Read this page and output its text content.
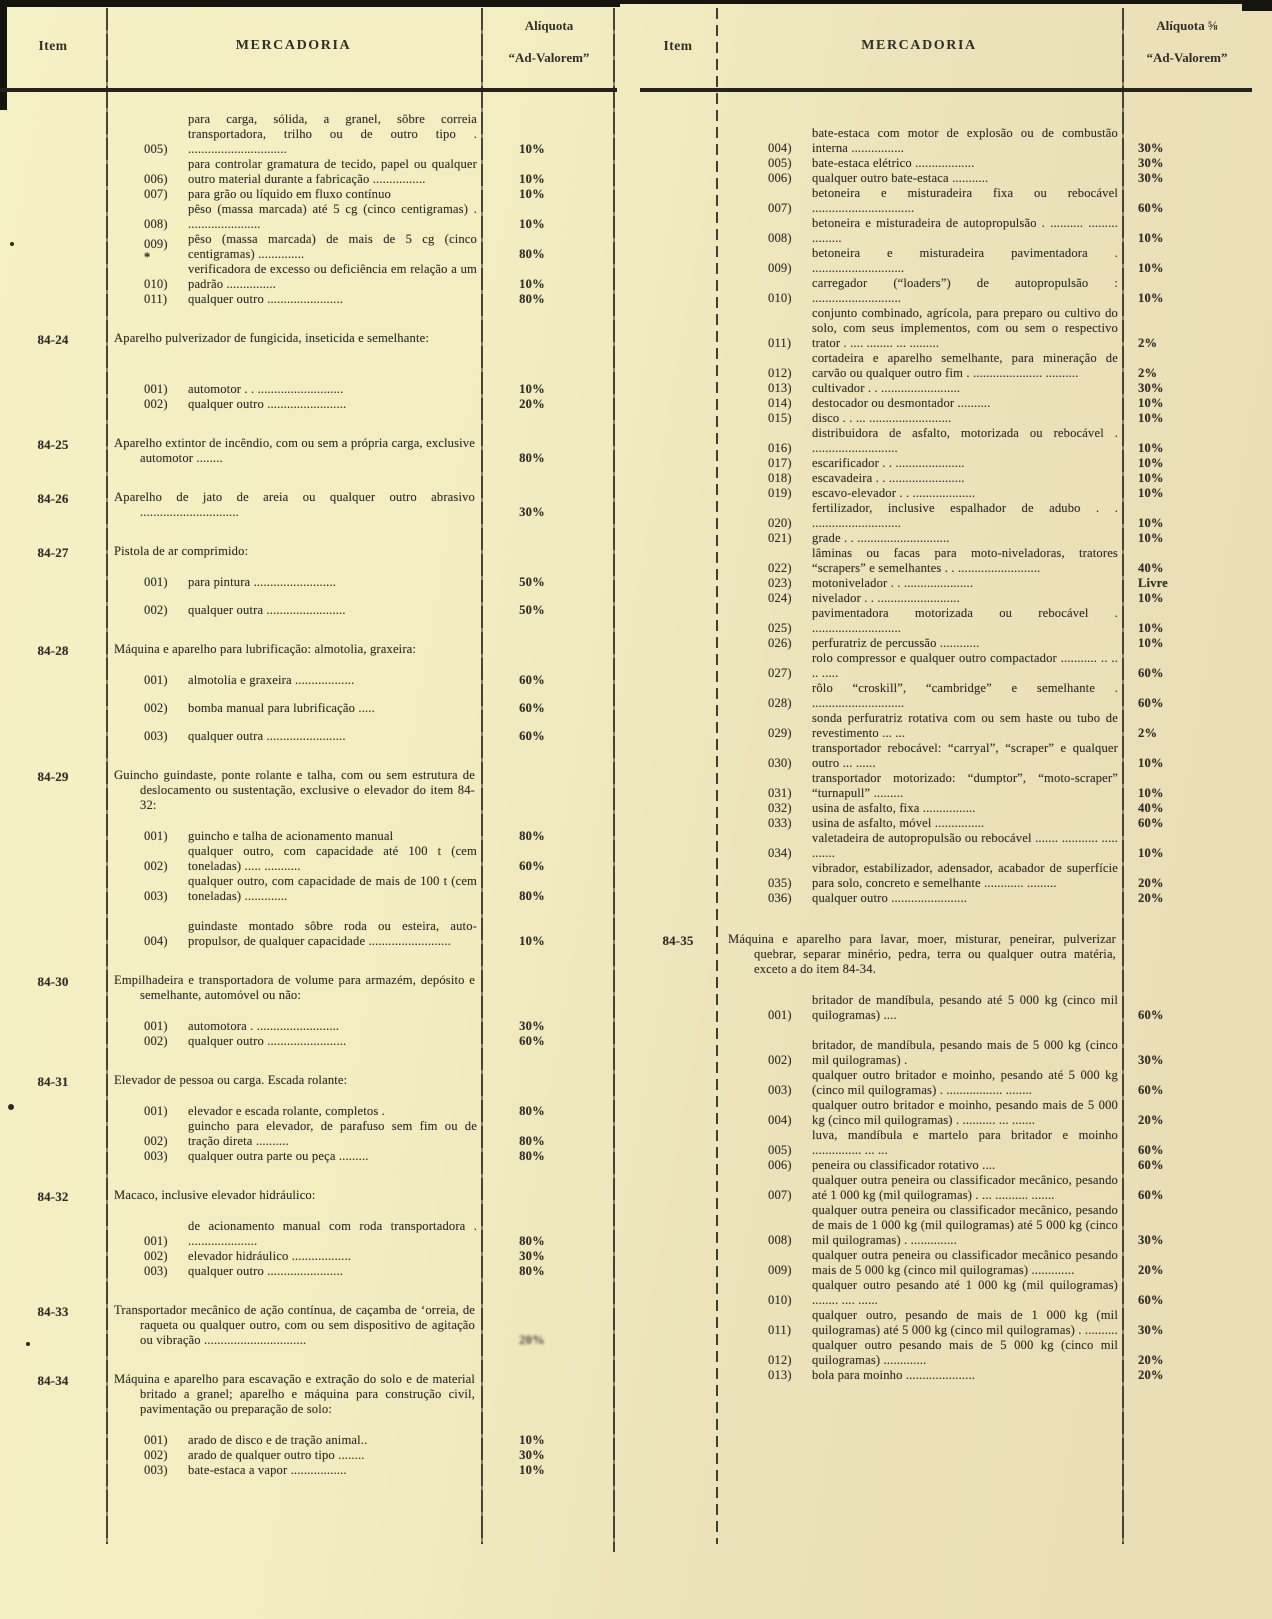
Item	MERCADORIA
Alíquota
“Ad-Valorem”
005)
para carga, sólida, a granel, sôbre correia transportadora, trilho ou de outro tipo . ..............................	10%
006)
para controlar gramatura de tecido, papel ou qualquer outro material durante a fabricação ................	10%
007)	para grão ou líquido em fluxo contínuo	10%
008)
pêso (massa marcada) até 5 cg (cinco centigramas) . ......................	10%
009)
*
pêso (massa marcada) de mais de 5 cg (cinco centigramas) ..............	80%
010)
verificadora de excesso ou deficiência em relação a um padrão ...............	10%
011)	qualquer outro .......................	80%
84-24	Aparelho pulverizador de fungicida, inseticida e semelhante:
001)	automotor . . ..........................	10%
002)	qualquer outro ........................	20%
84-25	Aparelho extintor de incêndio, com ou sem a própria carga, exclusive automotor ........	80%
84-26	Aparelho de jato de areia ou qualquer outro abrasivo ..............................	30%
84-27	Pistola de ar comprimido:
001)	para pintura .........................	50%
002)	qualquer outra ........................	50%
84-28	Máquina e aparelho para lubrificação: almotolia, graxeira:
001)	almotolia e graxeira ..................	60%
002)	bomba manual para lubrificação .....	60%
003)	qualquer outra ........................	60%
84-29	Guincho guindaste, ponte rolante e talha, com ou sem estrutura de deslocamento ou sustentação, exclusive o elevador do item 84-32:
001)	guincho e talha de acionamento manual	80%
002)
qualquer outro, com capacidade até 100 t (cem toneladas) ..... ...........	60%
003)
qualquer outro, com capacidade de mais de 100 t (cem toneladas) .............	80%
004)
guindaste montado sôbre roda ou esteira, auto-propulsor, de qualquer capacidade .........................	10%
84-30	Empilhadeira e transportadora de volume para armazém, depósito e semelhante, automóvel ou não:
001)	automotora . .........................	30%
002)	qualquer outro ........................	60%
84-31	Elevador de pessoa ou carga. Escada rolante:
001)	elevador e escada rolante, completos .	80%
002)
guincho para elevador, de parafuso sem fim ou de tração direta ..........	80%
003)	qualquer outra parte ou peça .........	80%
84-32	Macaco, inclusive elevador hidráulico:
001)
de acionamento manual com roda transportadora . .....................	80%
002)	elevador hidráulico ..................	30%
003)	qualquer outro .......................	80%
84-33	Transportador mecânico de ação contínua, de caçamba de ‘orreia, de raqueta ou qualquer outro, com ou sem dispositivo de agitação ou vibração ...............................	20%
84-34	Máquina e aparelho para escavação e extração do solo e de material britado a granel; aparelho e máquina para construção civil, pavimentação ou preparação de solo:
001)	arado de disco e de tração animal..	10%
002)	arado de qualquer outro tipo ........	30%
003)	bate-estaca a vapor .................	10%
Item	MERCADORIA
Alíquota ⅝
“Ad-Valorem”
004)
bate-estaca com motor de explosão ou de combustão interna ................	30%
005)	bate-estaca elétrico ..................	30%
006)	qualquer outro bate-estaca ...........	30%
007)
betoneira e misturadeira fixa ou rebocável ...............................	60%
008)
betoneira e misturadeira de autopropulsão . .......... ......... .........	10%
009)
betoneira e misturadeira pavimentadora . ............................	10%
010)
carregador (“loaders”) de autopropulsão : ...........................	10%
011)
conjunto combinado, agrícola, para preparo ou cultivo do solo, com seus implementos, com ou sem o respectivo trator . .... ........ ... .........	2%
012)
cortadeira e aparelho semelhante, para mineração de carvão ou qualquer outro fim . ..................... ..........	2%
013)	cultivador . . ........................	30%
014)	destocador ou desmontador ..........	10%
015)	disco . . ... .........................	10%
016)
distribuidora de asfalto, motorizada ou rebocável . ..........................	10%
017)	escarificador . . .....................	10%
018)	escavadeira . . .......................	10%
019)	escavo-elevador . . ...................	10%
020)
fertilizador, inclusive espalhador de adubo . . ...........................	10%
021)	grade . . ............................	10%
022)
lâminas ou facas para moto-niveladoras, tratores “scrapers” e semelhantes . . .........................	40%
023)	motonivelador . . .....................	Livre
024)	nivelador . . .........................	10%
025)
pavimentadora motorizada ou rebocável . ...........................	10%
026)	perfuratriz de percussão ............	10%
027)
rolo compressor e qualquer outro compactador ........... .. .. .. .....	60%
028)
rôlo “croskill”, “cambridge” e semelhante . ............................	60%
029)
sonda perfuratriz rotativa com ou sem haste ou tubo de revestimento ... ...	2%
030)
transportador rebocável: “carryal”, “scraper” e qualquer outro ... ......	10%
031)
transportador motorizado: “dumptor”, “moto-scraper” “turnapull” .........	10%
032)	usina de asfalto, fixa ................	40%
033)	usina de asfalto, móvel ...............	60%
034)
valetadeira de autopropulsão ou rebocável ....... ........... ..... .......	10%
035)
vibrador, estabilizador, adensador, acabador de superfície para solo, concreto e semelhante ............ .........	20%
036)	qualquer outro .......................	20%
84-35	Máquina e aparelho para lavar, moer, misturar, peneirar, pulverizar quebrar, separar minério, pedra, terra ou qualquer outra matéria, exceto a do item 84-34.
001)
britador de mandíbula, pesando até 5 000 kg (cinco mil quilogramas) ....	60%
002)
britador, de mandíbula, pesando mais de 5 000 kg (cinco mil quilogramas) .	30%
003)
qualquer outro britador e moinho, pesando até 5 000 kg (cinco mil quilogramas) . ................. ........	60%
004)
qualquer outro britador e moinho, pesando mais de 5 000 kg (cinco mil quilogramas) . .......... ... .......	20%
005)
luva, mandíbula e martelo para britador e moinho ............... ... ...	60%
006)	peneira ou classificador rotativo ....	60%
007)
qualquer outra peneira ou classificador mecânico, pesando até 1 000 kg (mil quilogramas) . ... .......... .......	60%
008)
qualquer outra peneira ou classificador mecânico, pesando de mais de 1 000 kg (mil quilogramas) até 5 000 kg (cinco mil quilogramas) . ..............	30%
009)
qualquer outra peneira ou classificador mecânico pesando mais de 5 000 kg (cinco mil quilogramas) .............	20%
010)
qualquer outro pesando até 1 000 kg (mil quilogramas) ........ .... ......	60%
011)
qualquer outro, pesando de mais de 1 000 kg (mil quilogramas) até 5 000 kg (cinco mil quilogramas) . ..........	30%
012)
qualquer outro pesando mais de 5 000 kg (cinco mil quilogramas) .............	20%
013)	bola para moinho .....................	20%
